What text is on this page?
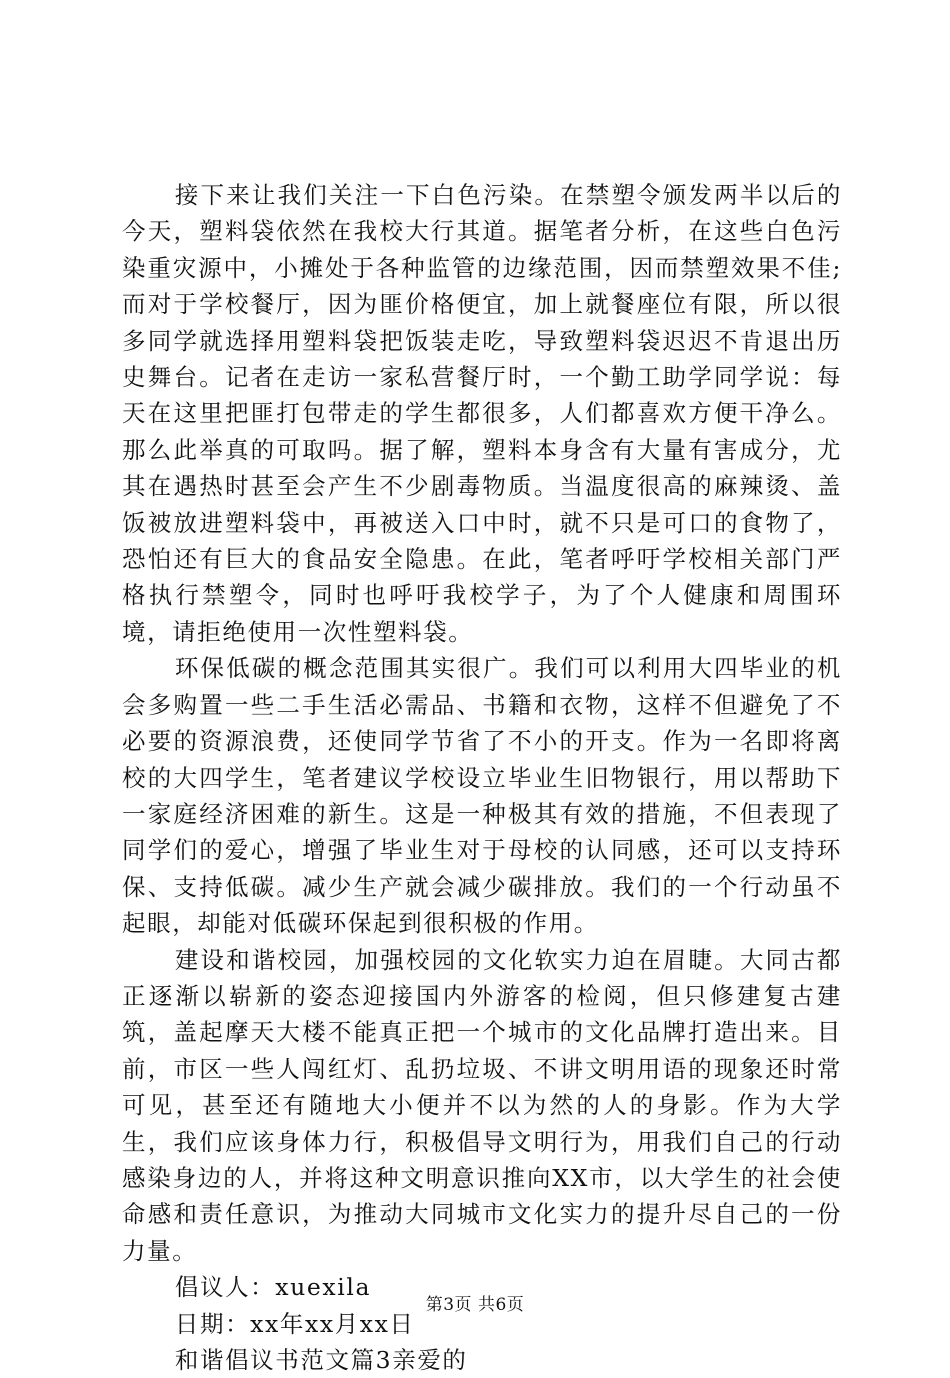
接下来让我们关注一下白色污染。在禁塑令颁发两半以后的今天，塑料袋依然在我校大行其道。据笔者分析，在这些白色污染重灾源中，小摊处于各种监管的边缘范围，因而禁塑效果不佳;而对于学校餐厅，因为匪价格便宜，加上就餐座位有限，所以很多同学就选择用塑料袋把饭装走吃，导致塑料袋迟迟不肯退出历史舞台。记者在走访一家私营餐厅时，一个勤工助学同学说：每天在这里把匪打包带走的学生都很多，人们都喜欢方便干净么。那么此举真的可取吗。据了解，塑料本身含有大量有害成分，尤其在遇热时甚至会产生不少剧毒物质。当温度很高的麻辣烫、盖饭被放进塑料袋中，再被送入口中时，就不只是可口的食物了，恐怕还有巨大的食品安全隐患。在此，笔者呼吁学校相关部门严格执行禁塑令，同时也呼吁我校学子，为了个人健康和周围环境，请拒绝使用一次性塑料袋。

环保低碳的概念范围其实很广。我们可以利用大四毕业的机会多购置一些二手生活必需品、书籍和衣物，这样不但避免了不必要的资源浪费，还使同学节省了不小的开支。作为一名即将离校的大四学生，笔者建议学校设立毕业生旧物银行，用以帮助下一家庭经济困难的新生。这是一种极其有效的措施，不但表现了同学们的爱心，增强了毕业生对于母校的认同感，还可以支持环保、支持低碳。减少生产就会减少碳排放。我们的一个行动虽不起眼，却能对低碳环保起到很积极的作用。

建设和谐校园，加强校园的文化软实力迫在眉睫。大同古都正逐渐以崭新的姿态迎接国内外游客的检阅，但只修建复古建筑，盖起摩天大楼不能真正把一个城市的文化品牌打造出来。目前，市区一些人闯红灯、乱扔垃圾、不讲文明用语的现象还时常可见，甚至还有随地大小便并不以为然的人的身影。作为大学生，我们应该身体力行，积极倡导文明行为，用我们自己的行动感染身边的人，并将这种文明意识推向XX市，以大学生的社会使命感和责任意识，为推动大同城市文化实力的提升尽自己的一份力量。

倡议人：xuexila

日期：xx年xx月xx日

和谐倡议书范文篇3亲爱的

第3页 共6页
